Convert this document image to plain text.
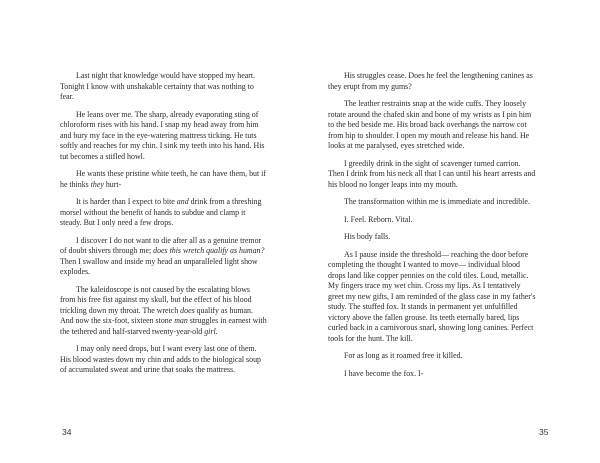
Last night that knowledge would have stopped my heart. Tonight I know with unshakable certainty that was nothing to fear.

He leans over me. The sharp, already evaporating sting of chloroform rises with his hand. I snap my head away from him and bury my face in the eye-watering mattress ticking. He tuts softly and reaches for my chin. I sink my teeth into his hand. His tut becomes a stifled howl.

He wants these pristine white teeth, he can have them, but if he thinks they hurt-

It is harder than I expect to bite and drink from a threshing morsel without the benefit of hands to subdue and clamp it steady. But I only need a few drops.

I discover I do not want to die after all as a genuine tremor of doubt shivers through me; does this wretch qualify as human? Then I swallow and inside my head an unparalleled light show explodes.

The kaleidoscope is not caused by the escalating blows from his free fist against my skull, but the effect of his blood trickling down my throat. The wretch does qualify as human. And now the six-foot, sixteen stone man struggles in earnest with the tethered and half-starved twenty-year-old girl.

I may only need drops, but I want every last one of them. His blood wastes down my chin and adds to the biological soup of accumulated sweat and urine that soaks the mattress.

34

His struggles cease. Does he feel the lengthening canines as they erupt from my gums?

The leather restraints snap at the wide cuffs. They loosely rotate around the chafed skin and bone of my wrists as I pin him to the bed beside me. His broad back overhangs the narrow cot from hip to shoulder. I open my mouth and release his hand. He looks at me paralysed, eyes stretched wide.

I greedily drink in the sight of scavenger turned carrion. Then I drink from his neck all that I can until his heart arrests and his blood no longer leaps into my mouth.

The transformation within me is immediate and incredible.

I. Feel. Reborn. Vital.

His body falls.

As I pause inside the threshold— reaching the door before completing the thought I wanted to move— individual blood drops land like copper pennies on the cold tiles. Loud, metallic. My fingers trace my wet chin. Cross my lips. As I tentatively greet my new gifts, I am reminded of the glass case in my father's study. The stuffed fox. It stands in permanent yet unfulfilled victory above the fallen grouse. Its teeth eternally bared, lips curled back in a carnivorous snarl, showing long canines. Perfect tools for the hunt. The kill.

For as long as it roamed free it killed.

I have become the fox. I-

35
